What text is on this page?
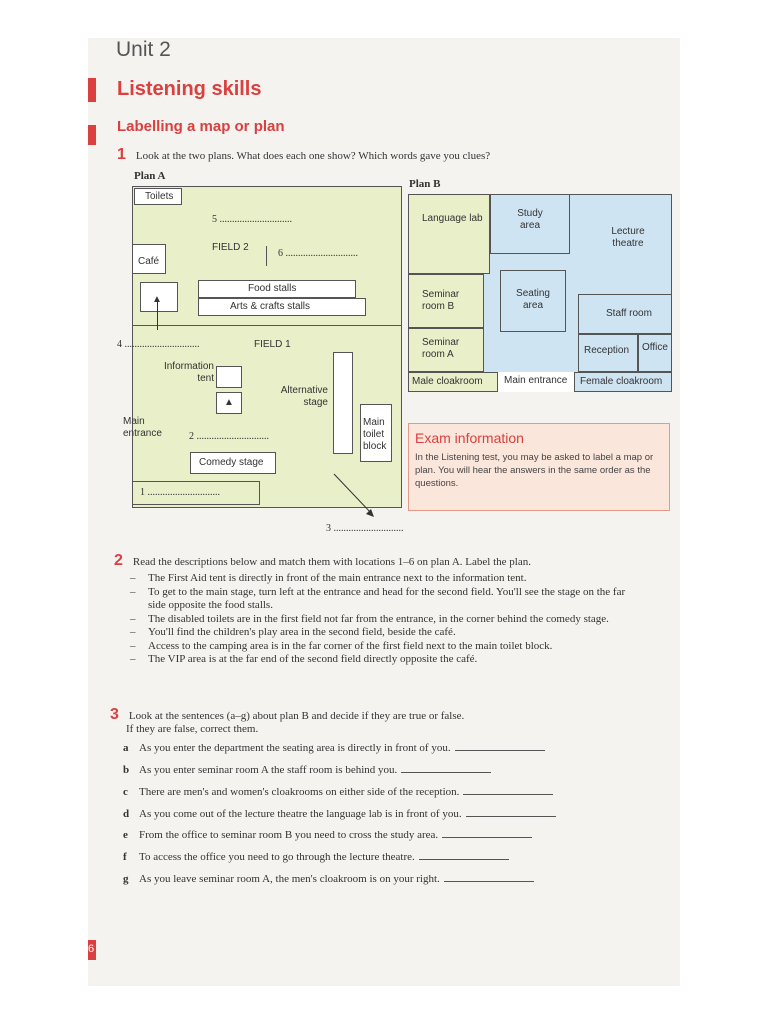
Unit 2
Listening skills
Labelling a map or plan
1 Look at the two plans. What does each one show? Which words gave you clues?
Plan A
Toilets
5 .............................
FIELD 2
6 .............................
Café
▲
Food stalls
Arts & crafts stalls
4 ..............................	FIELD 1
Information tent
▲
Alternative stage
Main entrance	2 .............................
Main toilet block
Comedy stage
1 .............................
3 ............................
Plan B
Language lab	Study area
Lecture theatre
Seminar room B
Seating area
Staff room
Seminar room A	Reception Office
Male cloakroom Main entrance Female cloakroom
Exam information
In the Listening test, you may be asked to label a map or plan. You will hear the answers in the same order as the questions.
2 Read the descriptions below and match them with locations 1–6 on plan A. Label the plan.
–	The First Aid tent is directly in front of the main entrance next to the information tent.
–	To get to the main stage, turn left at the entrance and head for the second field. You'll see the stage on the far side opposite the food stalls.
–	The disabled toilets are in the first field not far from the entrance, in the corner behind the comedy stage.
–	You'll find the children's play area in the second field, beside the café.
–	Access to the camping area is in the far corner of the first field next to the main toilet block.
–	The VIP area is at the far end of the second field directly opposite the café.
3 Look at the sentences (a–g) about plan B and decide if they are true or false.
If they are false, correct them.
a As you enter the department the seating area is directly in front of you.
b As you enter seminar room A the staff room is behind you.
c There are men's and women's cloakrooms on either side of the reception.
d As you come out of the lecture theatre the language lab is in front of you.
e From the office to seminar room B you need to cross the study area.
f To access the office you need to go through the lecture theatre.
g As you leave seminar room A, the men's cloakroom is on your right.
6
